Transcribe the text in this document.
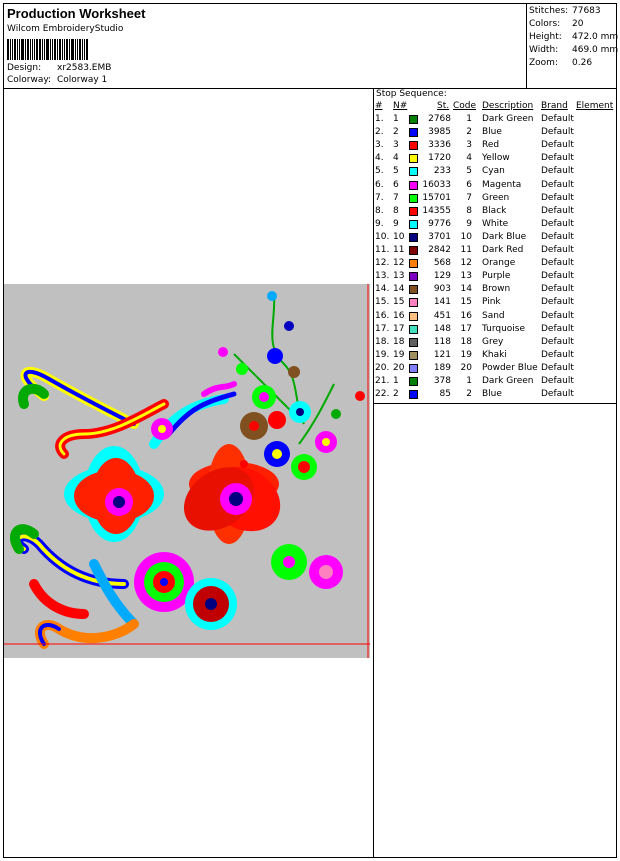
Production Worksheet
Wilcom EmbroideryStudio
Design: xr2583.EMB
Colorway: Colorway 1
Stitches: 77683
Colors: 20
Height: 472.0 mm
Width: 469.0 mm
Zoom: 0.26
Stop Sequence:
# N#	St. Code Description Brand Element
1. 1	2768 1 Dark Green Default
2. 2	3985 2 Blue	Default
3. 3	3336 3 Red	Default
4. 4	1720 4 Yellow	Default
5. 5	233 5 Cyan	Default
6. 6	16033 6 Magenta Default
7. 7	15701 7 Green	Default
8. 8	14355 8 Black	Default
9. 9	9776 9 White	Default
10. 10	3701 10 Dark Blue Default
11. 11	2842 11 Dark Red Default
12. 12	568 12 Orange	Default
13. 13	129 13 Purple	Default
14. 14	903 14 Brown	Default
15. 15	141 15 Pink	Default
16. 16	451 16 Sand	Default
17. 17	148 17 Turquoise Default
18. 18	118 18 Grey	Default
19. 19	121 19 Khaki	Default
20. 20	189 20 Powder Blue Default
21. 1	378 1 Dark Green Default
22. 2	85 2 Blue	Default
